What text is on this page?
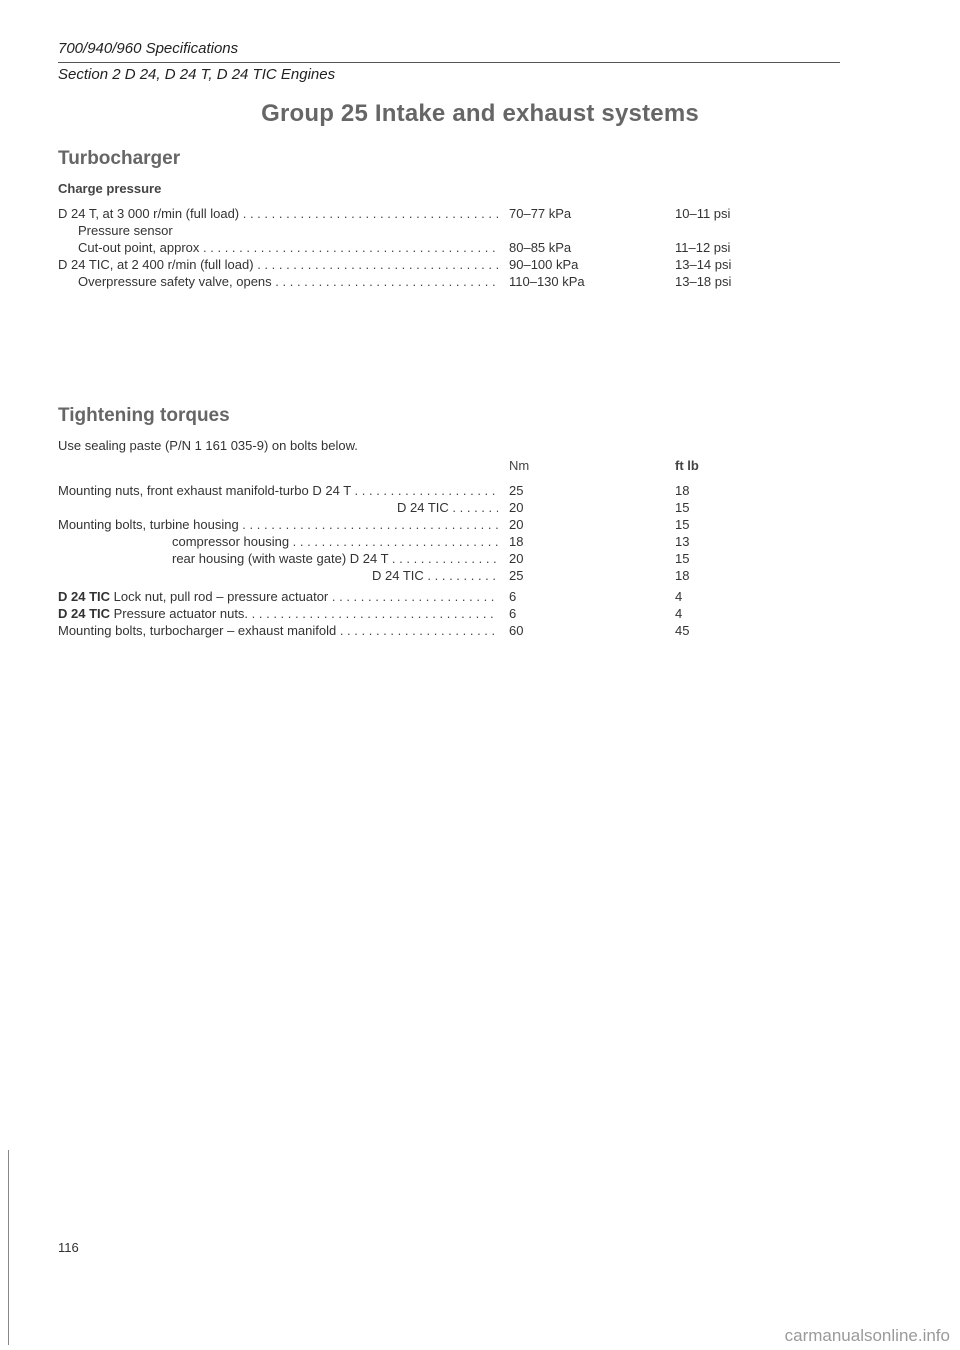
700/940/960 Specifications
Section 2 D 24, D 24 T, D 24 TIC Engines
Group 25 Intake and exhaust systems
Turbocharger
Charge pressure
D 24 T, at 3 000 r/min (full load) . . .	70–77 kPa	10–11 psi
Pressure sensor
Cut-out point, approx . . .	80–85 kPa	11–12 psi
D 24 TIC, at 2 400 r/min (full load) . . .	90–100 kPa	13–14 psi
Overpressure safety valve, opens . . .	110–130 kPa	13–18 psi
Tightening torques
Use sealing paste (P/N 1 161 035-9) on bolts below.
Nm	ft lb
Mounting nuts, front exhaust manifold-turbo D 24 T . . .	25	18
D 24 TIC . . .	20	15
Mounting bolts, turbine housing . . .	20	15
compressor housing . . .	18	13
rear housing (with waste gate) D 24 T . . .	20	15
D 24 TIC . . .	25	18
D 24 TIC Lock nut, pull rod – pressure actuator . . .	6	4
D 24 TIC Pressure actuator nuts. . . .	6	4
Mounting bolts, turbocharger – exhaust manifold . . .	60	45
116
carmanualsonline.info
